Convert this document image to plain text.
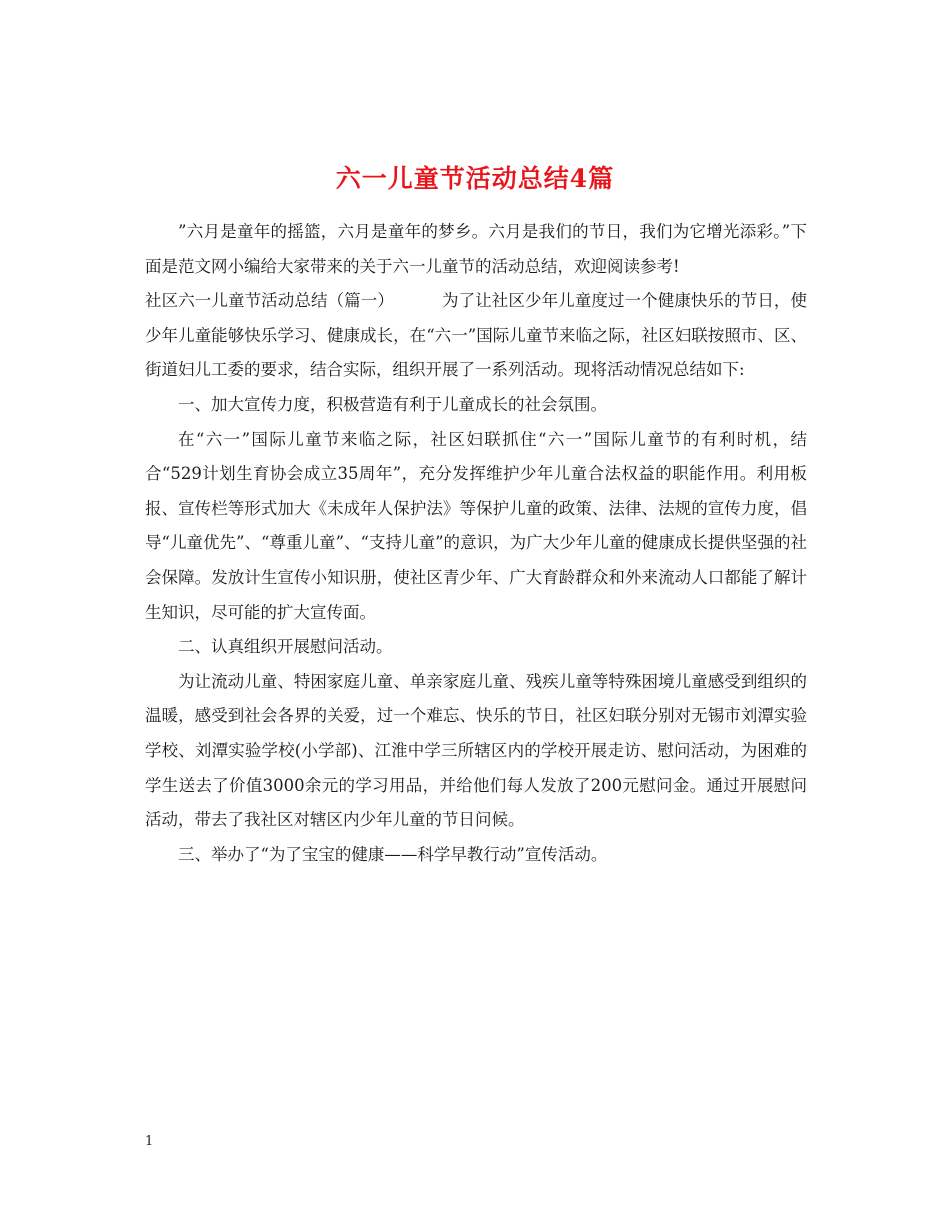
六一儿童节活动总结4篇

”六月是童年的摇篮，六月是童年的梦乡。六月是我们的节日，我们为它增光添彩。”下面是范文网小编给大家带来的关于六一儿童节的活动总结，欢迎阅读参考!

社区六一儿童节活动总结（篇一）	为了让社区少年儿童度过一个健康快乐的节日，使少年儿童能够快乐学习、健康成长，在“六一”国际儿童节来临之际，社区妇联按照市、区、街道妇儿工委的要求，结合实际，组织开展了一系列活动。现将活动情况总结如下:

一、加大宣传力度，积极营造有利于儿童成长的社会氛围。

在“六一”国际儿童节来临之际，社区妇联抓住“六一”国际儿童节的有利时机，结合“529计划生育协会成立35周年”，充分发挥维护少年儿童合法权益的职能作用。利用板报、宣传栏等形式加大《未成年人保护法》等保护儿童的政策、法律、法规的宣传力度，倡导“儿童优先”、“尊重儿童”、“支持儿童”的意识，为广大少年儿童的健康成长提供坚强的社会保障。发放计生宣传小知识册，使社区青少年、广大育龄群众和外来流动人口都能了解计生知识，尽可能的扩大宣传面。

二、认真组织开展慰问活动。

为让流动儿童、特困家庭儿童、单亲家庭儿童、残疾儿童等特殊困境儿童感受到组织的温暖，感受到社会各界的关爱，过一个难忘、快乐的节日，社区妇联分别对无锡市刘潭实验学校、刘潭实验学校(小学部)、江淮中学三所辖区内的学校开展走访、慰问活动，为困难的学生送去了价值3000余元的学习用品，并给他们每人发放了200元慰问金。通过开展慰问活动，带去了我社区对辖区内少年儿童的节日问候。

三、举办了“为了宝宝的健康——科学早教行动”宣传活动。

1
